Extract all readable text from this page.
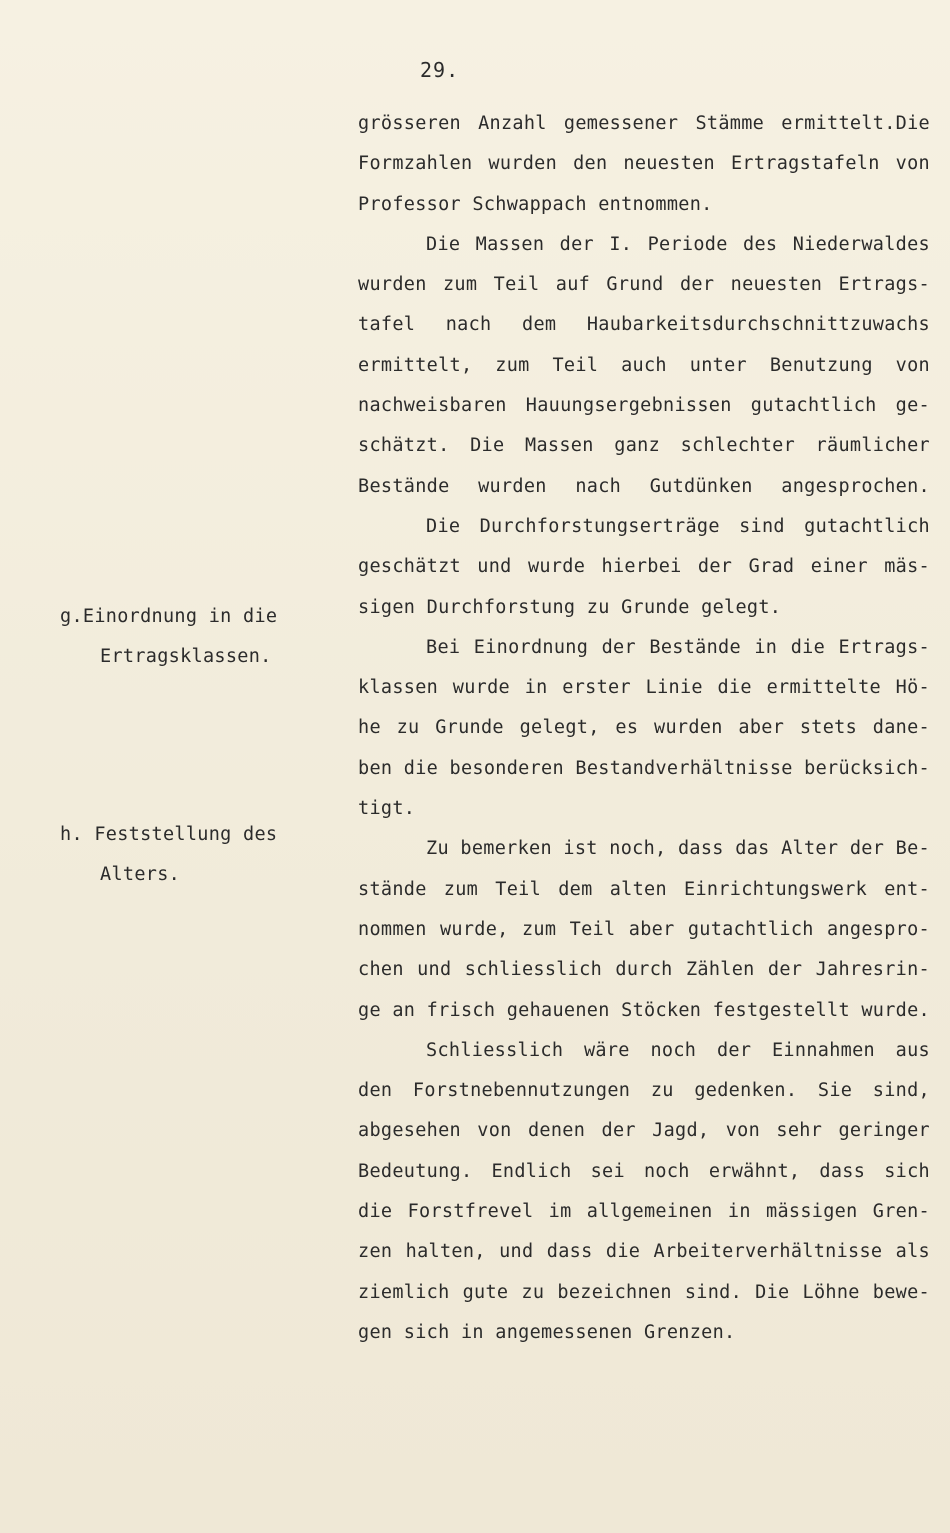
29.
g.Einordnung in die
Ertragsklassen.
h. Feststellung des
Alters.
grösseren Anzahl gemessener Stämme ermittelt.Die
Formzahlen wurden den neuesten Ertragstafeln von
Professor Schwappach entnommen.
Die Massen der I. Periode des Niederwaldes
wurden zum Teil auf Grund der neuesten Ertrags-
tafel nach dem Haubarkeitsdurchschnittzuwachs
ermittelt, zum Teil auch unter Benutzung von
nachweisbaren Hauungsergebnissen gutachtlich ge-
schätzt. Die Massen ganz schlechter räumlicher
Bestände wurden nach Gutdünken angesprochen.
Die Durchforstungserträge sind gutachtlich
geschätzt und wurde hierbei der Grad einer mäs-
sigen Durchforstung zu Grunde gelegt.
Bei Einordnung der Bestände in die Ertrags-
klassen wurde in erster Linie die ermittelte Hö-
he zu Grunde gelegt, es wurden aber stets dane-
ben die besonderen Bestandverhältnisse berücksich-
tigt.
Zu bemerken ist noch, dass das Alter der Be-
stände zum Teil dem alten Einrichtungswerk ent-
nommen wurde, zum Teil aber gutachtlich angespro-
chen und schliesslich durch Zählen der Jahresrin-
ge an frisch gehauenen Stöcken festgestellt wurde.
Schliesslich wäre noch der Einnahmen aus
den Forstnebennutzungen zu gedenken. Sie sind,
abgesehen von denen der Jagd, von sehr geringer
Bedeutung. Endlich sei noch erwähnt, dass sich
die Forstfrevel im allgemeinen in mässigen Gren-
zen halten, und dass die Arbeiterverhältnisse als
ziemlich gute zu bezeichnen sind. Die Löhne bewe-
gen sich in angemessenen Grenzen.
